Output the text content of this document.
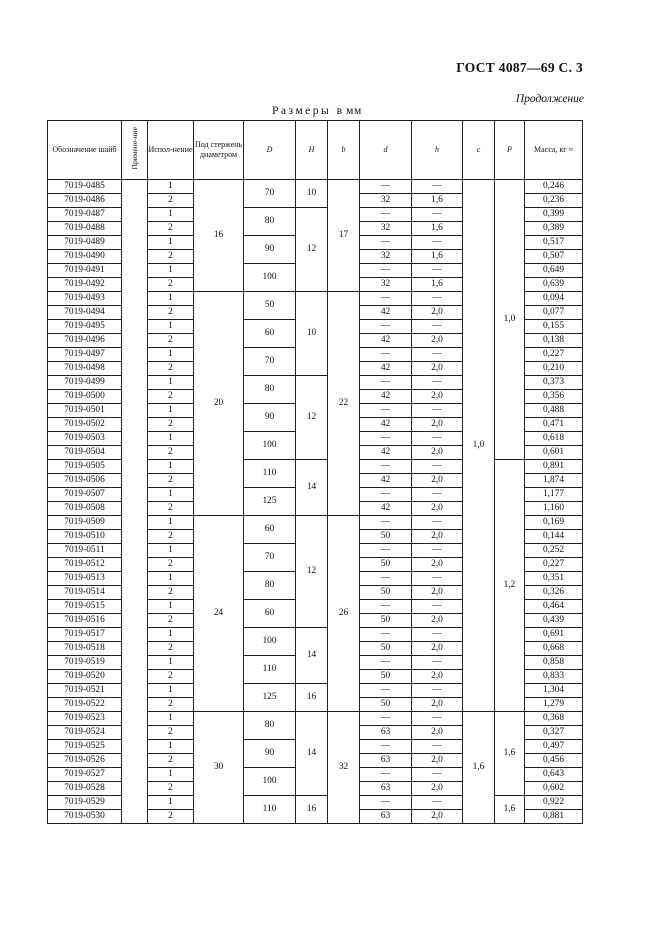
ГОСТ 4087—69 С. 3
Продолжение
Размеры в мм
Обозначение шайб	Примене-ние	Испол-нение	Под стержень диаметром	D	H	b	d	h	c	P	Масса, кг ≈
7019-0485		1	16	70	10	17	—	—	1,0	1,0	0,246
7019-0486		2					32	1,6			0,236
7019-0487		1		80	12		—	—			0,399
7019-0488		2					32	1,6			0,389
7019-0489		1		90			—	—			0,517
7019-0490		2					32	1,6			0,507
7019-0491		1		100			—	—			0,649
7019-0492		2					32	1,6			0,639
7019-0493		1	20	50	10	22	—	—			0,094
7019-0494		2					42	2,0			0,077
7019-0495		1		60			—	—			0,155
7019-0496		2					42	2,0			0,138
7019-0497		1		70			—	—			0,227
7019-0498		2					42	2,0			0,210
7019-0499		1		80	12		—	—			0,373
7019-0500		2					42	2,0			0,356
7019-0501		1		90			—	—			0,488
7019-0502		2					42	2,0			0,471
7019-0503		1		100			—	—			0,618
7019-0504		2					42	2,0			0,601
7019-0505		1		110	14		—	—		1,2	0,891
7019-0506		2					42	2,0			1,874
7019-0507		1		125			—	—			1,177
7019-0508		2					42	2,0			1,160
7019-0509		1	24	60	12	26	—	—			0,169
7019-0510		2					50	2,0			0,144
7019-0511		1		70			—	—			0,252
7019-0512		2					50	2,0			0,227
7019-0513		1		80			—	—			0,351
7019-0514		2					50	2,0			0,326
7019-0515		1		60			—	—			0,464
7019-0516		2					50	2,0			0,439
7019-0517		1		100	14		—	—			0,691
7019-0518		2					50	2,0			0,668
7019-0519		1		110			—	—			0,858
7019-0520		2					50	2,0			0,833
7019-0521		1		125	16		—	—			1,304
7019-0522		2					50	2,0			1,279
7019-0523		1	30	80	14	32	—	—	1,6	1,6	0,368
7019-0524		2					63	2,0			0,327
7019-0525		1		90			—	—			0,497
7019-0526		2					63	2,0			0,456
7019-0527		1		100			—	—			0,643
7019-0528		2					63	2,0			0,602
7019-0529		1		110	16		—	—		1,6	0,922
7019-0530		2					63	2,0			0,881
